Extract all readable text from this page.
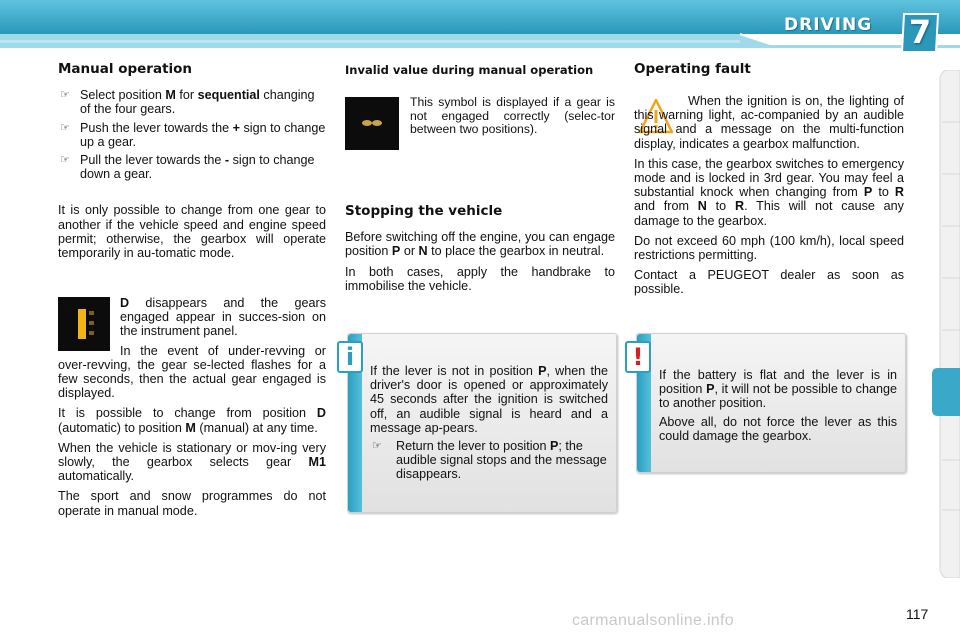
DRIVING 7
Manual operation
☞ Select position M for sequential changing of the four gears.
☞ Push the lever towards the + sign to change up a gear.
☞ Pull the lever towards the - sign to change down a gear.

It is only possible to change from one gear to another if the vehicle speed and engine speed permit; otherwise, the gearbox will operate temporarily in au-tomatic mode.

D disappears and the gears engaged appear in succes-sion on the instrument panel.

In the event of under-revving or over-revving, the gear se-lected flashes for a few seconds, then the actual gear engaged is displayed.

It is possible to change from position D (automatic) to position M (manual) at any time.

When the vehicle is stationary or mov-ing very slowly, the gearbox selects gear M1 automatically.

The sport and snow programmes do not operate in manual mode.

Invalid value during manual operation

This symbol is displayed if a gear is not engaged correctly (selec-tor between two positions).

Stopping the vehicle

Before switching off the engine, you can engage position P or N to place the gearbox in neutral.

In both cases, apply the handbrake to immobilise the vehicle.

If the lever is not in position P, when the driver's door is opened or approximately 45 seconds after the ignition is switched off, an audible signal is heard and a message ap-pears.

☞ Return the lever to position P; the audible signal stops and the message disappears.
i
Operating fault

When the ignition is on, the lighting of this warning light, ac-companied by an audible signal and a message on the multi-function display, indicates a gearbox malfunction.

In this case, the gearbox switches to emergency mode and is locked in 3rd gear. You may feel a substantial knock when changing from P to R and from N to R. This will not cause any damage to the gearbox.

Do not exceed 60 mph (100 km/h), local speed restrictions permitting.

Contact a PEUGEOT dealer as soon as possible.

If the battery is flat and the lever is in position P, it will not be possible to change to another position.

Above all, do not force the lever as this could damage the gearbox.

!
carmanualsonline.info	117
